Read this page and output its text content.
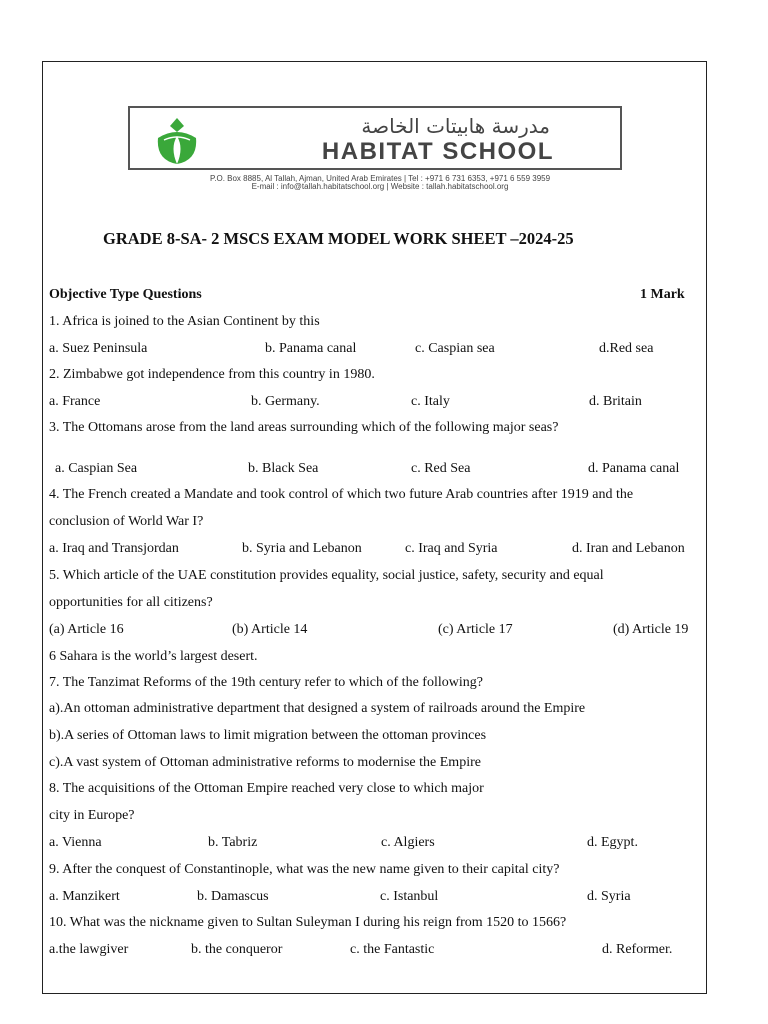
مدرسة هابيتات الخاصة
HABITAT SCHOOL
P.O. Box 8885, Al Tallah, Ajman, United Arab Emirates | Tel : +971 6 731 6353, +971 6 559 3959
E-mail : info@tallah.habitatschool.org | Website : tallah.habitatschool.org
GRADE 8-SA- 2 MSCS EXAM MODEL WORK SHEET –2024-25
Objective Type Questions	1 Mark
1. Africa is joined to the Asian Continent by this
a. Suez Peninsula	b. Panama canal	c. Caspian sea	d.Red sea
2. Zimbabwe got independence from this country in 1980.
a. France	b. Germany.	c. Italy	d. Britain
3. The Ottomans arose from the land areas surrounding which of the following major seas?
a. Caspian Sea	b. Black Sea	c. Red Sea	d. Panama canal
4. The French created a Mandate and took control of which two future Arab countries after 1919 and the
conclusion of World War I?
a. Iraq and Transjordan	b. Syria and Lebanon	c. Iraq and Syria	d. Iran and Lebanon
5. Which article of the UAE constitution provides equality, social justice, safety, security and equal
opportunities for all citizens?
(a) Article 16	(b) Article 14	(c) Article 17	(d) Article 19
6 Sahara is the world’s largest desert.
7. The Tanzimat Reforms of the 19th century refer to which of the following?
a).An ottoman administrative department that designed a system of railroads around the Empire
b).A series of Ottoman laws to limit migration between the ottoman provinces
c).A vast system of Ottoman administrative reforms to modernise the Empire
8. The acquisitions of the Ottoman Empire reached very close to which major
city in Europe?
a. Vienna	b. Tabriz	c. Algiers	d. Egypt.
9. After the conquest of Constantinople, what was the new name given to their capital city?
a. Manzikert	b. Damascus	c. Istanbul	d. Syria
10. What was the nickname given to Sultan Suleyman I during his reign from 1520 to 1566?
a.the lawgiver	b. the conqueror	c. the Fantastic	d. Reformer.
